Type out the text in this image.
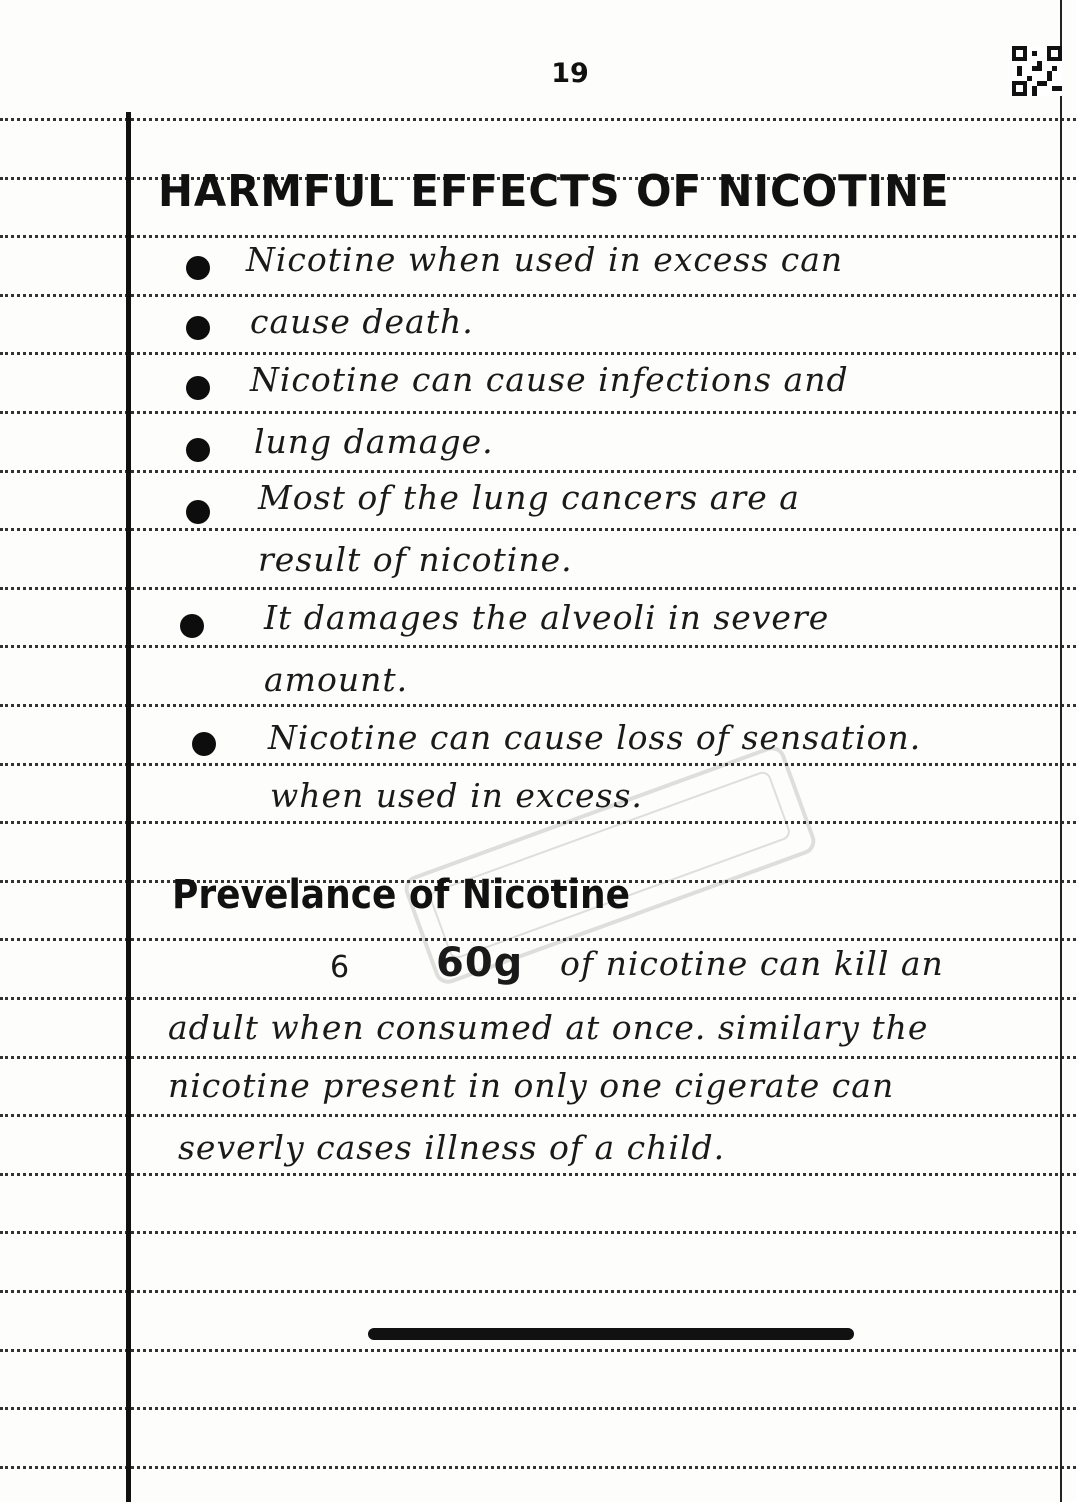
19
HARMFUL EFFECTS OF NICOTINE
Nicotine when used in excess can
cause death.
Nicotine can cause infections and
lung damage.
Most of the lung cancers are a
result of nicotine.
It damages the alveoli in severe
amount.
Nicotine can cause loss of sensation.
when used in excess.
Prevelance of Nicotine
6 60g of nicotine can kill an
adult when consumed at once. similary the
nicotine present in only one cigerate can
severly cases illness of a child.
